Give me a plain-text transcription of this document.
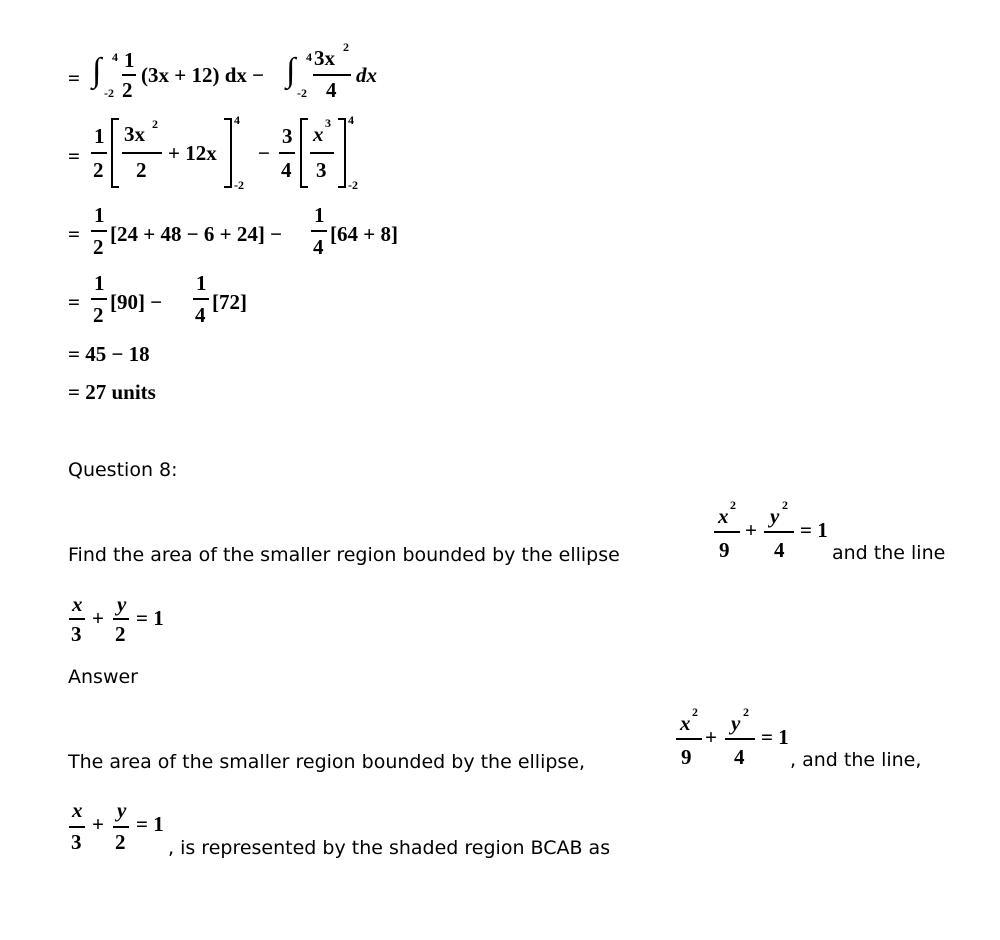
= ∫ 4
-2
1
2
(3x + 12) dx − ∫ 4
-2
3x 2
4
dx
=
1
2
3x 2
2
+ 12x
4
-2
−
3
4
x 3
3
4
-2
=
1
2
[24 + 48 − 6 + 24] −
1
4
[64 + 8]
=
1
2
[90] −
1
4
[72]
= 45 − 18
= 27 units
Question 8:
x 2
9
+
y 2
4
= 1
Find the area of the smaller region bounded by the ellipse	and the line
x
3
+
y
2
= 1
Answer
x 2
9
+
y 2
4
= 1
The area of the smaller region bounded by the ellipse,	, and the line,
x
3
+
y
2
= 1
, is represented by the shaded region BCAB as
